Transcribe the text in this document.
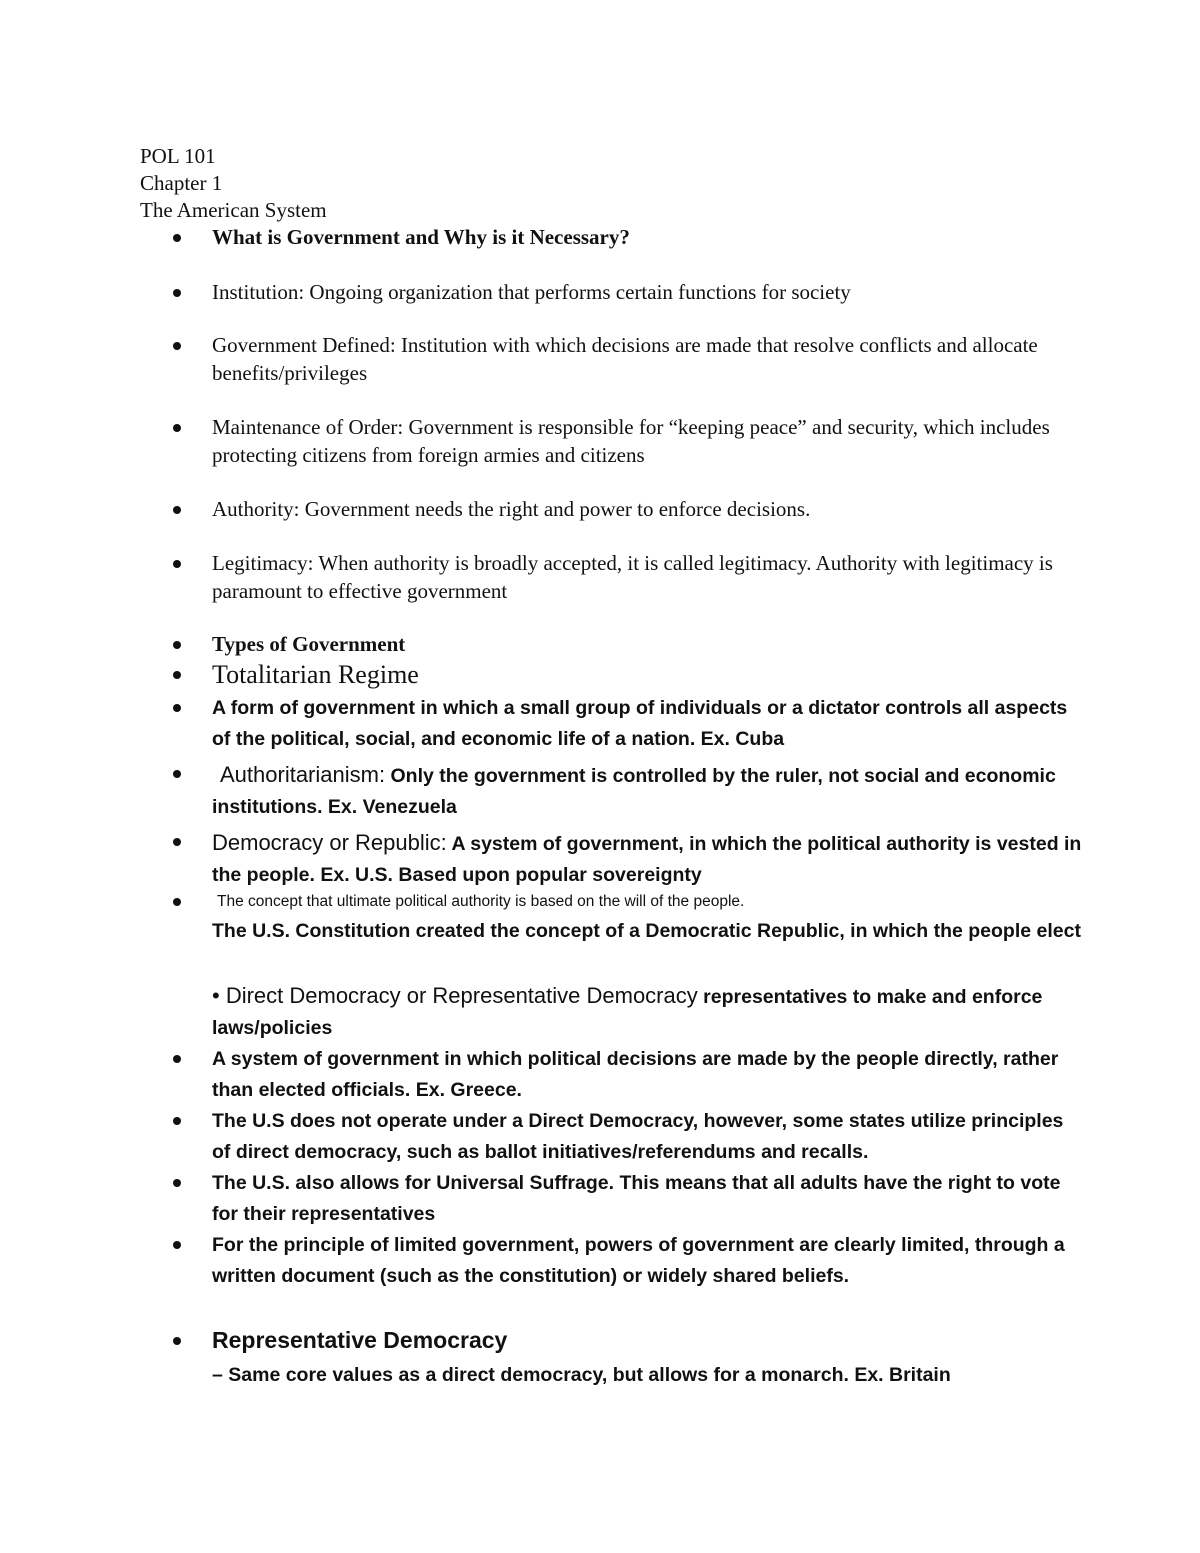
POL 101
Chapter 1
The American System
What is Government and Why is it Necessary?
Institution: Ongoing organization that performs certain functions for society
Government Defined: Institution with which decisions are made that resolve conflicts and allocate benefits/privileges
Maintenance of Order: Government is responsible for “keeping peace” and security, which includes protecting citizens from foreign armies and citizens
Authority: Government needs the right and power to enforce decisions.
Legitimacy: When authority is broadly accepted, it is called legitimacy. Authority with legitimacy is paramount to effective government
Types of Government
Totalitarian Regime
A form of government in which a small group of individuals or a dictator controls all aspects of the political, social, and economic life of a nation. Ex. Cuba
Authoritarianism: Only the government is controlled by the ruler, not social and economic institutions. Ex. Venezuela
Democracy or Republic: A system of government, in which the political authority is vested in the people. Ex. U.S. Based upon popular sovereignty
The concept that ultimate political authority is based on the will of the people.
The U.S. Constitution created the concept of a Democratic Republic, in which the people elect
• Direct Democracy or Representative Democracy representatives to make and enforce laws/policies
A system of government in which political decisions are made by the people directly, rather than elected officials. Ex. Greece.
The U.S does not operate under a Direct Democracy, however, some states utilize principles of direct democracy, such as ballot initiatives/referendums and recalls.
The U.S. also allows for Universal Suffrage. This means that all adults have the right to vote for their representatives
For the principle of limited government, powers of government are clearly limited, through a written document (such as the constitution) or widely shared beliefs.
Representative Democracy
– Same core values as a direct democracy, but allows for a monarch. Ex. Britain
